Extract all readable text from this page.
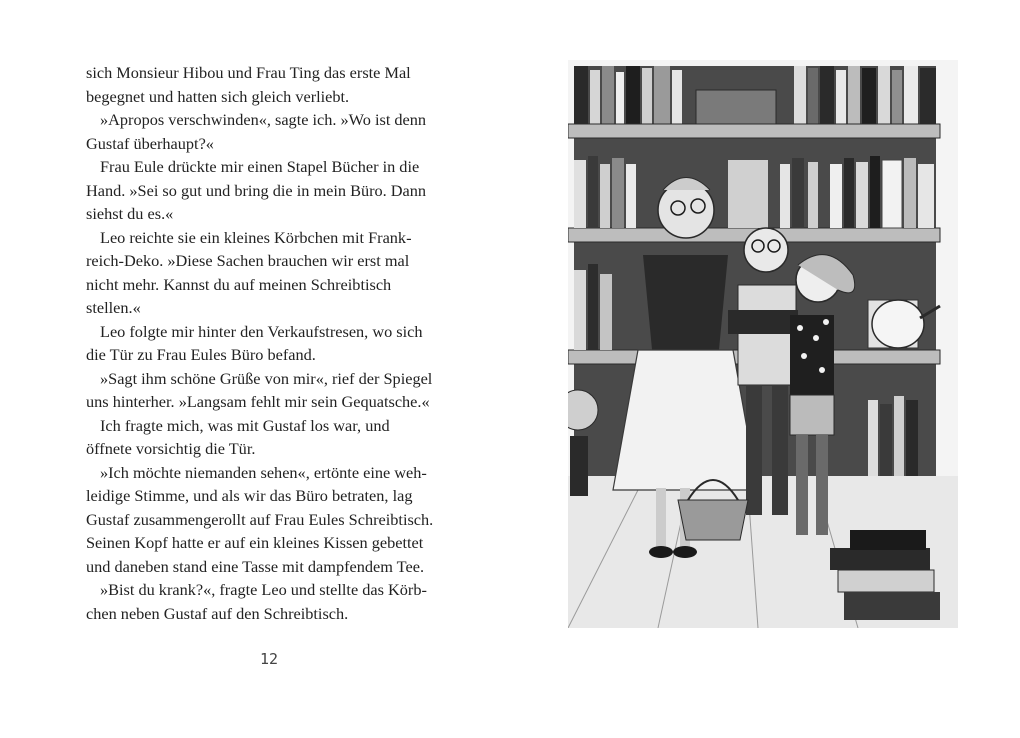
sich Monsieur Hibou und Frau Ting das erste Mal
begegnet und hatten sich gleich verliebt.
»Apropos verschwinden«, sagte ich. »Wo ist denn
Gustaf überhaupt?«
Frau Eule drückte mir einen Stapel Bücher in die
Hand. »Sei so gut und bring die in mein Büro. Dann
siehst du es.«
Leo reichte sie ein kleines Körbchen mit Frank-
reich-Deko. »Diese Sachen brauchen wir erst mal
nicht mehr. Kannst du auf meinen Schreibtisch
stellen.«
Leo folgte mir hinter den Verkaufstresen, wo sich
die Tür zu Frau Eules Büro befand.
»Sagt ihm schöne Grüße von mir«, rief der Spiegel
uns hinterher. »Langsam fehlt mir sein Gequatsche.«
Ich fragte mich, was mit Gustaf los war, und
öffnete vorsichtig die Tür.
»Ich möchte niemanden sehen«, ertönte eine weh-
leidige Stimme, und als wir das Büro betraten, lag
Gustaf zusammengerollt auf Frau Eules Schreibtisch.
Seinen Kopf hatte er auf ein kleines Kissen gebettet
und daneben stand eine Tasse mit dampfendem Tee.
»Bist du krank?«, fragte Leo und stellte das Körb-
chen neben Gustaf auf den Schreibtisch.
12
